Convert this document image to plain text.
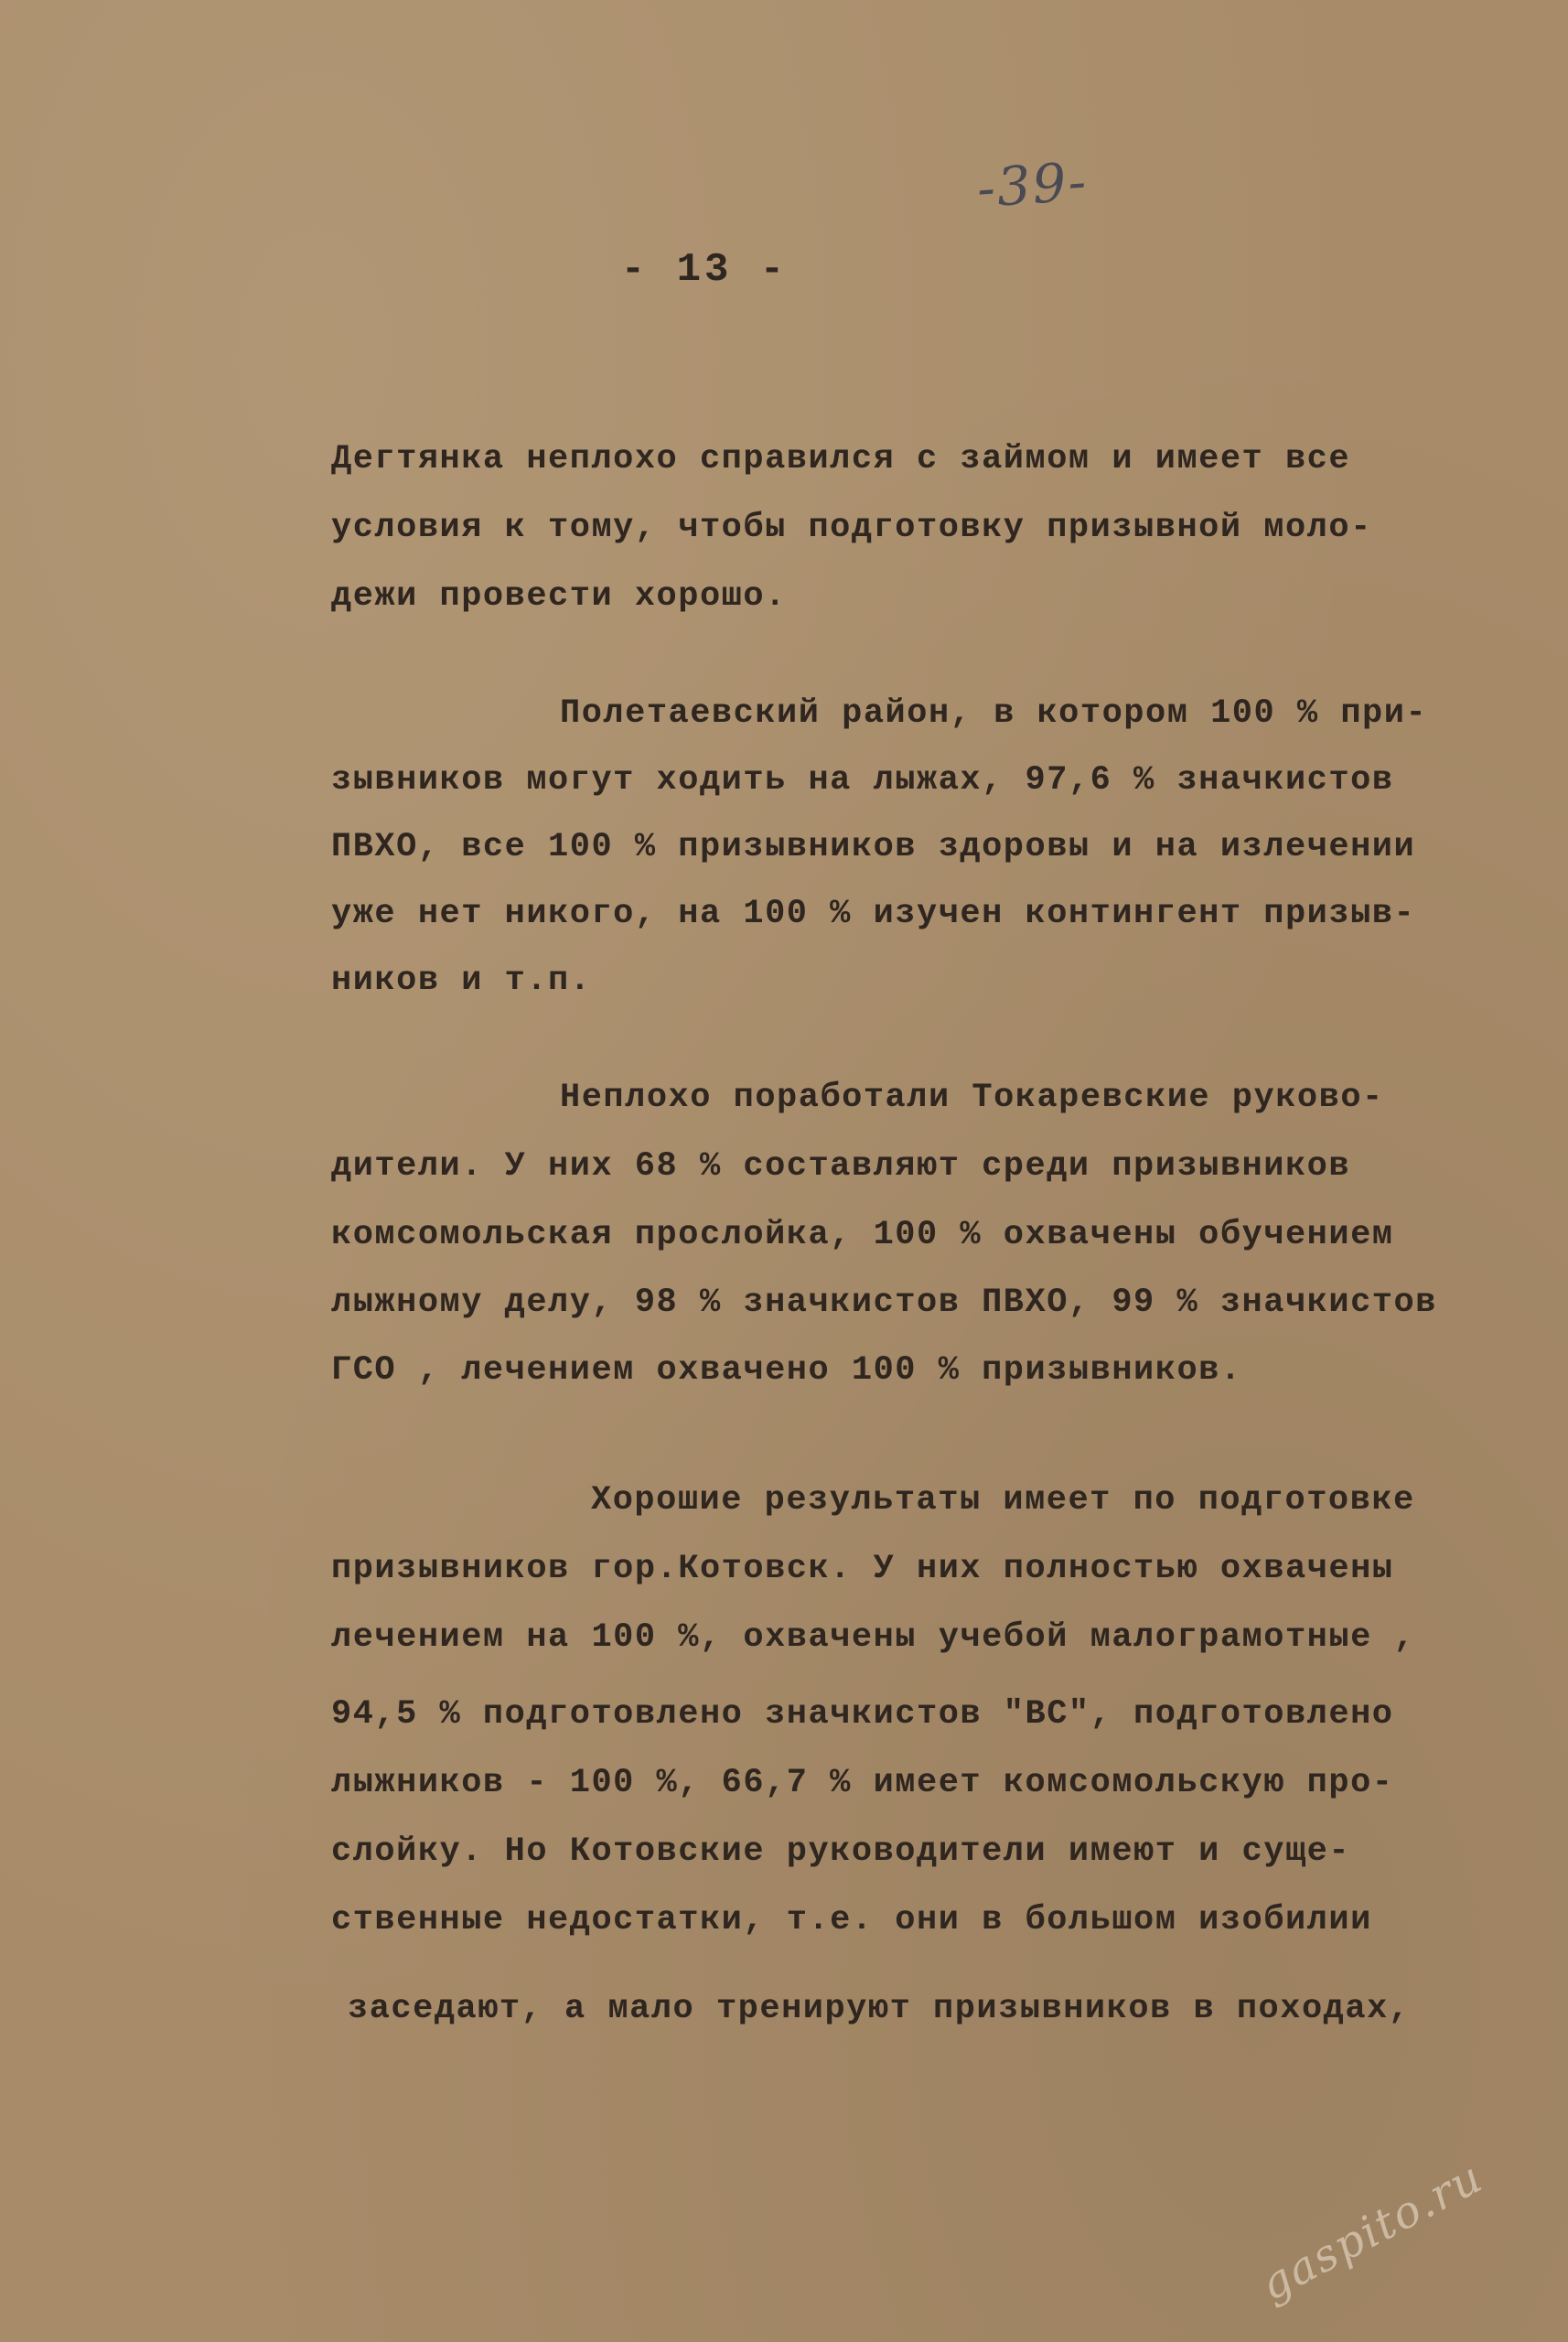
-39-
- 13 -
Дегтянка неплохо справился с займом и имеет все
условия к тому, чтобы подготовку призывной моло-
дежи провести хорошо.
Полетаевский район, в котором 100 % при-
зывников могут ходить на лыжах, 97,6 % значкистов
ПВХО, все 100 % призывников здоровы и на излечении
уже нет никого, на 100 % изучен контингент призыв-
ников и т.п.
Неплохо поработали Токаревские руково-
дители. У них 68 % составляют среди призывников
комсомольская прослойка, 100 % охвачены обучением
лыжному делу, 98 % значкистов ПВХО, 99 % значкистов
ГСО , лечением охвачено 100 % призывников.
Хорошие результаты имеет по подготовке
призывников гор.Котовск. У них полностью охвачены
лечением на 100 %, охвачены учебой малограмотные ,
94,5 % подготовлено значкистов "ВС", подготовлено
лыжников - 100 %, 66,7 % имеет комсомольскую про-
слойку. Но Котовские руководители имеют и суще-
ственные недостатки, т.е. они в большом изобилии
заседают, а мало тренируют призывников в походах,
gaspito.ru
